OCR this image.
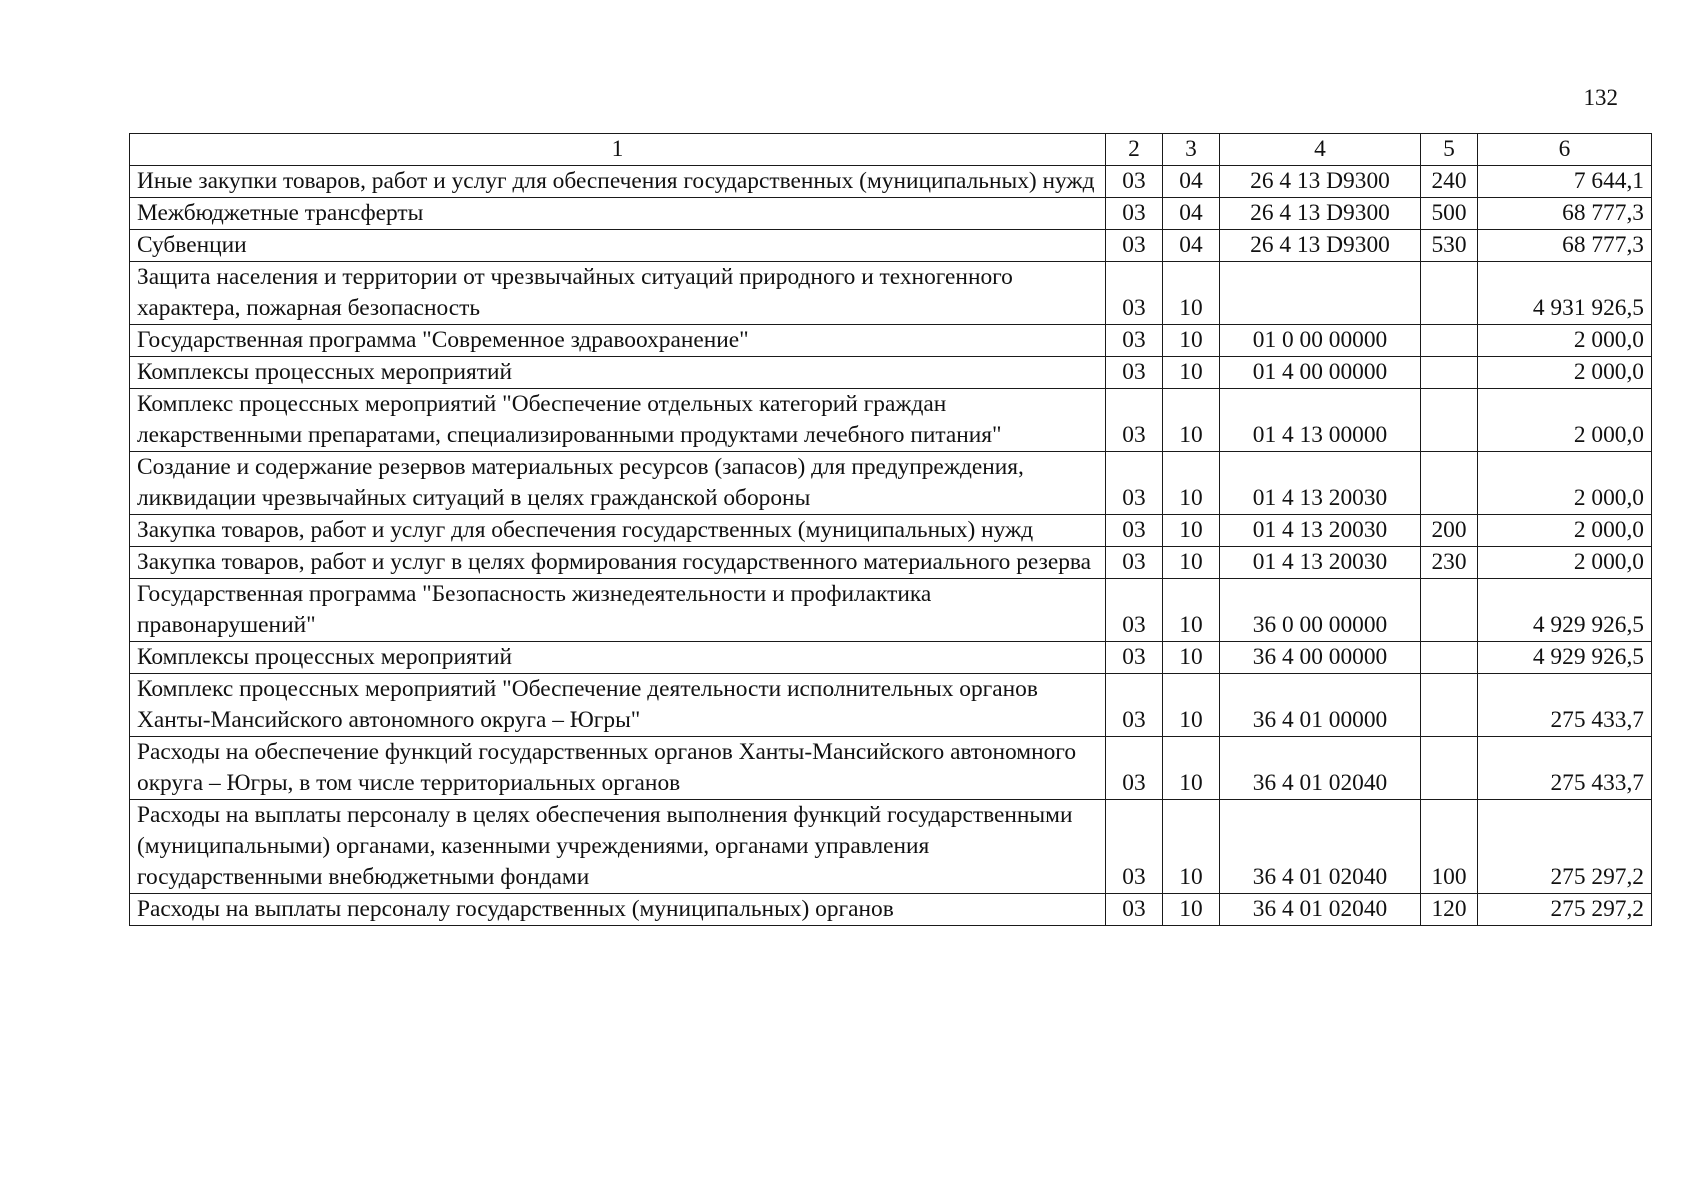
132
1	2	3	4	5	6
Иные закупки товаров, работ и услуг для обеспечения государственных (муниципальных) нужд	03	04	26 4 13 D9300	240	7 644,1
Межбюджетные трансферты	03	04	26 4 13 D9300	500	68 777,3
Субвенции	03	04	26 4 13 D9300	530	68 777,3
Защита населения и территории от чрезвычайных ситуаций природного и техногенного характера, пожарная безопасность	03	10			4 931 926,5
Государственная программа "Современное здравоохранение"	03	10	01 0 00 00000		2 000,0
Комплексы процессных мероприятий	03	10	01 4 00 00000		2 000,0
Комплекс процессных мероприятий "Обеспечение отдельных категорий граждан лекарственными препаратами, специализированными продуктами лечебного питания"	03	10	01 4 13 00000		2 000,0
Создание и содержание резервов материальных ресурсов (запасов) для предупреждения, ликвидации чрезвычайных ситуаций в целях гражданской обороны	03	10	01 4 13 20030		2 000,0
Закупка товаров, работ и услуг для обеспечения государственных (муниципальных) нужд	03	10	01 4 13 20030	200	2 000,0
Закупка товаров, работ и услуг в целях формирования государственного материального резерва	03	10	01 4 13 20030	230	2 000,0
Государственная программа "Безопасность жизнедеятельности и профилактика правонарушений"	03	10	36 0 00 00000		4 929 926,5
Комплексы процессных мероприятий	03	10	36 4 00 00000		4 929 926,5
Комплекс процессных мероприятий "Обеспечение деятельности исполнительных органов Ханты-Мансийского автономного округа – Югры"	03	10	36 4 01 00000		275 433,7
Расходы на обеспечение функций государственных органов Ханты-Мансийского автономного округа – Югры, в том числе территориальных органов	03	10	36 4 01 02040		275 433,7
Расходы на выплаты персоналу в целях обеспечения выполнения функций государственными (муниципальными) органами, казенными учреждениями, органами управления государственными внебюджетными фондами	03	10	36 4 01 02040	100	275 297,2
Расходы на выплаты персоналу государственных (муниципальных) органов	03	10	36 4 01 02040	120	275 297,2
